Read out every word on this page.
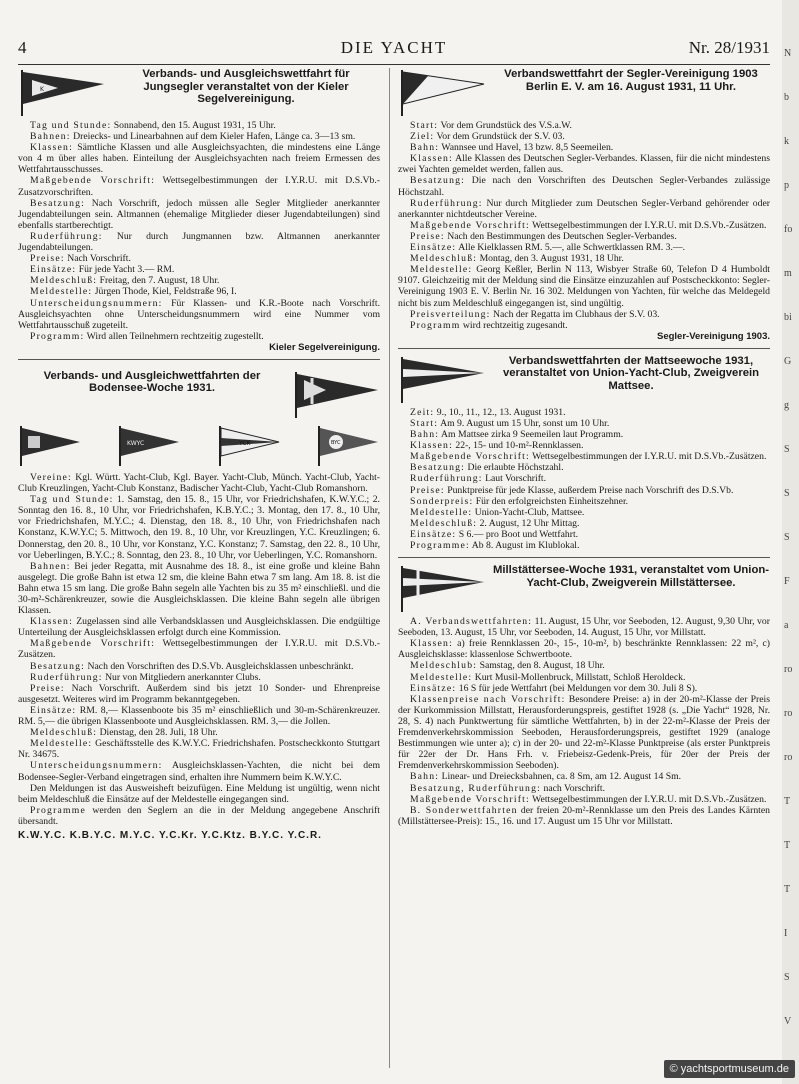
4	DIE YACHT	Nr. 28/1931
K
Verbands- und Ausgleichswettfahrt für Jungsegler veranstaltet von der Kieler Segelvereinigung.

Tag und Stunde: Sonnabend, den 15. August 1931, 15 Uhr.

Bahnen: Dreiecks- und Linearbahnen auf dem Kieler Hafen, Länge ca. 3—13 sm.

Klassen: Sämtliche Klassen und alle Ausgleichsyachten, die mindestens eine Länge von 4 m über alles haben. Einteilung der Ausgleichsyachten nach freiem Ermessen des Wettfahrtausschusses.

Maßgebende Vorschrift: Wettsegelbestimmungen der I.Y.R.U. mit D.S.Vb.-Zusatzvorschriften.

Besatzung: Nach Vorschrift, jedoch müssen alle Segler Mitglieder anerkannter Jugendabteilungen sein. Altmannen (ehemalige Mitglieder dieser Jugendabteilungen) sind ebenfalls startberechtigt.

Ruderführung: Nur durch Jungmannen bzw. Altmannen anerkannter Jugendabteilungen.

Preise: Nach Vorschrift.

Einsätze: Für jede Yacht 3.— RM.

Meldeschluß: Freitag, den 7. August, 18 Uhr.

Meldestelle: Jürgen Thode, Kiel, Feldstraße 96, I.

Unterscheidungsnummern: Für Klassen- und K.R.-Boote nach Vorschrift. Ausgleichsyachten ohne Unterscheidungsnummern wird eine Nummer vom Wettfahrtausschuß zugeteilt.

Programm: Wird allen Teilnehmern rechtzeitig zugestellt.

Kieler Segelvereinigung.
Verbands- und Ausgleichwettfahrten der Bodensee-Woche 1931.
KWYC	YCK	BYC

Vereine: Kgl. Württ. Yacht-Club, Kgl. Bayer. Yacht-Club, Münch. Yacht-Club, Yacht-Club Kreuzlingen, Yacht-Club Konstanz, Badischer Yacht-Club, Yacht-Club Romanshorn.

Tag und Stunde: 1. Samstag, den 15. 8., 15 Uhr, vor Friedrichshafen, K.W.Y.C.; 2. Sonntag den 16. 8., 10 Uhr, vor Friedrichshafen, K.B.Y.C.; 3. Montag, den 17. 8., 10 Uhr, vor Friedrichshafen, M.Y.C.; 4. Dienstag, den 18. 8., 10 Uhr, von Friedrichshafen nach Konstanz, K.W.Y.C; 5. Mittwoch, den 19. 8., 10 Uhr, vor Kreuzlingen, Y.C. Kreuzlingen; 6. Donnerstag, den 20. 8., 10 Uhr, vor Konstanz, Y.C. Konstanz; 7. Samstag, den 22. 8., 10 Uhr, vor Ueberlingen, B.Y.C.; 8. Sonntag, den 23. 8., 10 Uhr, vor Ueberlingen, Y.C. Romanshorn.

Bahnen: Bei jeder Regatta, mit Ausnahme des 18. 8., ist eine große und kleine Bahn ausgelegt. Die große Bahn ist etwa 12 sm, die kleine Bahn etwa 7 sm lang. Am 18. 8. ist die Bahn etwa 15 sm lang. Die große Bahn segeln alle Yachten bis zu 35 m² einschließl. und die 30-m²-Schärenkreuzer, sowie die Ausgleichsklassen. Die kleine Bahn segeln alle übrigen Klassen.

Klassen: Zugelassen sind alle Verbandsklassen und Ausgleichsklassen. Die endgültige Unterteilung der Ausgleichsklassen erfolgt durch eine Kommission.

Maßgebende Vorschrift: Wettsegelbestimmungen der I.Y.R.U. mit D.S.Vb.-Zusätzen.

Besatzung: Nach den Vorschriften des D.S.Vb. Ausgleichsklassen unbeschränkt.

Ruderführung: Nur von Mitgliedern anerkannter Clubs.

Preise: Nach Vorschrift. Außerdem sind bis jetzt 10 Sonder- und Ehrenpreise ausgesetzt. Weiteres wird im Programm bekanntgegeben.

Einsätze: RM. 8,— Klassenboote bis 35 m² einschließlich und 30-m-Schärenkreuzer. RM. 5,— die übrigen Klassenboote und Ausgleichsklassen. RM. 3,— die Jollen.

Meldeschluß: Dienstag, den 28. Juli, 18 Uhr.

Meldestelle: Geschäftsstelle des K.W.Y.C. Friedrichshafen. Postscheckkonto Stuttgart Nr. 34675.

Unterscheidungsnummern: Ausgleichsklassen-Yachten, die nicht bei dem Bodensee-Segler-Verband eingetragen sind, erhalten ihre Nummern beim K.W.Y.C.

Den Meldungen ist das Ausweisheft beizufügen. Eine Meldung ist ungültig, wenn nicht beim Meldeschluß die Einsätze auf der Meldestelle eingegangen sind.

Programme werden den Seglern an die in der Meldung angegebene Anschrift übersandt.

K.W.Y.C. K.B.Y.C. M.Y.C. Y.C.Kr. Y.C.Ktz. B.Y.C. Y.C.R.
Verbandswettfahrt der Segler-Vereinigung 1903 Berlin E. V. am 16. August 1931, 11 Uhr.

Start: Vor dem Grundstück des V.S.a.W.

Ziel: Vor dem Grundstück der S.V. 03.

Bahn: Wannsee und Havel, 13 bzw. 8,5 Seemeilen.

Klassen: Alle Klassen des Deutschen Segler-Verbandes. Klassen, für die nicht mindestens zwei Yachten gemeldet werden, fallen aus.

Besatzung: Die nach den Vorschriften des Deutschen Segler-Verbandes zulässige Höchstzahl.

Ruderführung: Nur durch Mitglieder zum Deutschen Segler-Verband gehörender oder anerkannter nichtdeutscher Vereine.

Maßgebende Vorschrift: Wettsegelbestimmungen der I.Y.R.U. mit D.S.Vb.-Zusätzen.

Preise: Nach den Bestimmungen des Deutschen Segler-Verbandes.

Einsätze: Alle Kielklassen RM. 5.—, alle Schwertklassen RM. 3.—.

Meldeschluß: Montag, den 3. August 1931, 18 Uhr.

Meldestelle: Georg Keßler, Berlin N 113, Wisbyer Straße 60, Telefon D 4 Humboldt 9107. Gleichzeitig mit der Meldung sind die Einsätze einzuzahlen auf Postscheckkonto: Segler-Vereinigung 1903 E. V. Berlin Nr. 16 302. Meldungen von Yachten, für welche das Meldegeld nicht bis zum Meldeschluß eingegangen ist, sind ungültig.

Preisverteilung: Nach der Regatta im Clubhaus der S.V. 03.

Programm wird rechtzeitig zugesandt.

Segler-Vereinigung 1903.
Verbandswettfahrten der Mattseewoche 1931, veranstaltet von Union-Yacht-Club, Zweigverein Mattsee.

Zeit: 9., 10., 11., 12., 13. August 1931.

Start: Am 9. August um 15 Uhr, sonst um 10 Uhr.

Bahn: Am Mattsee zirka 9 Seemeilen laut Programm.

Klassen: 22-, 15- und 10-m²-Rennklassen.

Maßgebende Vorschrift: Wettsegelbestimmungen der I.Y.R.U. mit D.S.Vb.-Zusätzen.

Besatzung: Die erlaubte Höchstzahl.

Ruderführung: Laut Vorschrift.

Preise: Punktpreise für jede Klasse, außerdem Preise nach Vorschrift des D.S.Vb.

Sonderpreis: Für den erfolgreichsten Einheitszehner.

Meldestelle: Union-Yacht-Club, Mattsee.

Meldeschluß: 2. August, 12 Uhr Mittag.

Einsätze: S 6.— pro Boot und Wettfahrt.

Programme: Ab 8. August im Klublokal.

Millstättersee-Woche 1931, veranstaltet vom Union-Yacht-Club, Zweigverein Millstättersee.

A. Verbandswettfahrten: 11. August, 15 Uhr, vor Seeboden, 12. August, 9,30 Uhr, vor Seeboden, 13. August, 15 Uhr, vor Seeboden, 14. August, 15 Uhr, vor Millstatt.

Klassen: a) freie Rennklassen 20-, 15-, 10-m², b) beschränkte Rennklassen: 22 m², c) Ausgleichsklasse: klassenlose Schwertboote.

Meldeschlub: Samstag, den 8. August, 18 Uhr.

Meldestelle: Kurt Musil-Mollenbruck, Millstatt, Schloß Heroldeck.

Einsätze: 16 S für jede Wettfahrt (bei Meldungen vor dem 30. Juli 8 S).

Klassenpreise nach Vorschrift: Besondere Preise: a) in der 20-m²-Klasse der Preis der Kurkommission Millstatt, Herausforderungspreis, gestiftet 1928 (s. „Die Yacht“ 1928, Nr. 28, S. 4) nach Punktwertung für sämtliche Wettfahrten, b) in der 22-m²-Klasse der Preis der Fremdenverkehrskommission Seeboden, Herausforderungspreis, gestiftet 1929 (analoge Bestimmungen wie unter a); c) in der 20- und 22-m²-Klasse Punktpreise (als erster Punktpreis für 22er der Dr. Hans Frh. v. Friebeisz-Gedenk-Preis, für 20er der Preis der Fremdenverkehrskommission Seeboden).

Bahn: Linear- und Dreiecksbahnen, ca. 8 Sm, am 12. August 14 Sm.

Besatzung, Ruderführung: nach Vorschrift.

Maßgebende Vorschrift: Wettsegelbestimmungen der I.Y.R.U. mit D.S.Vb.-Zusätzen.

B. Sonderwettfahrten der freien 20-m²-Rennklasse um den Preis des Landes Kärnten (Millstättersee-Preis): 15., 16. und 17. August um 15 Uhr vor Millstatt.

N
b
k
p
fo
m
bi
G
g
S
S
S
F
a
ro
ro
ro
T
T
T
I
S
V
© yachtsportmuseum.de
